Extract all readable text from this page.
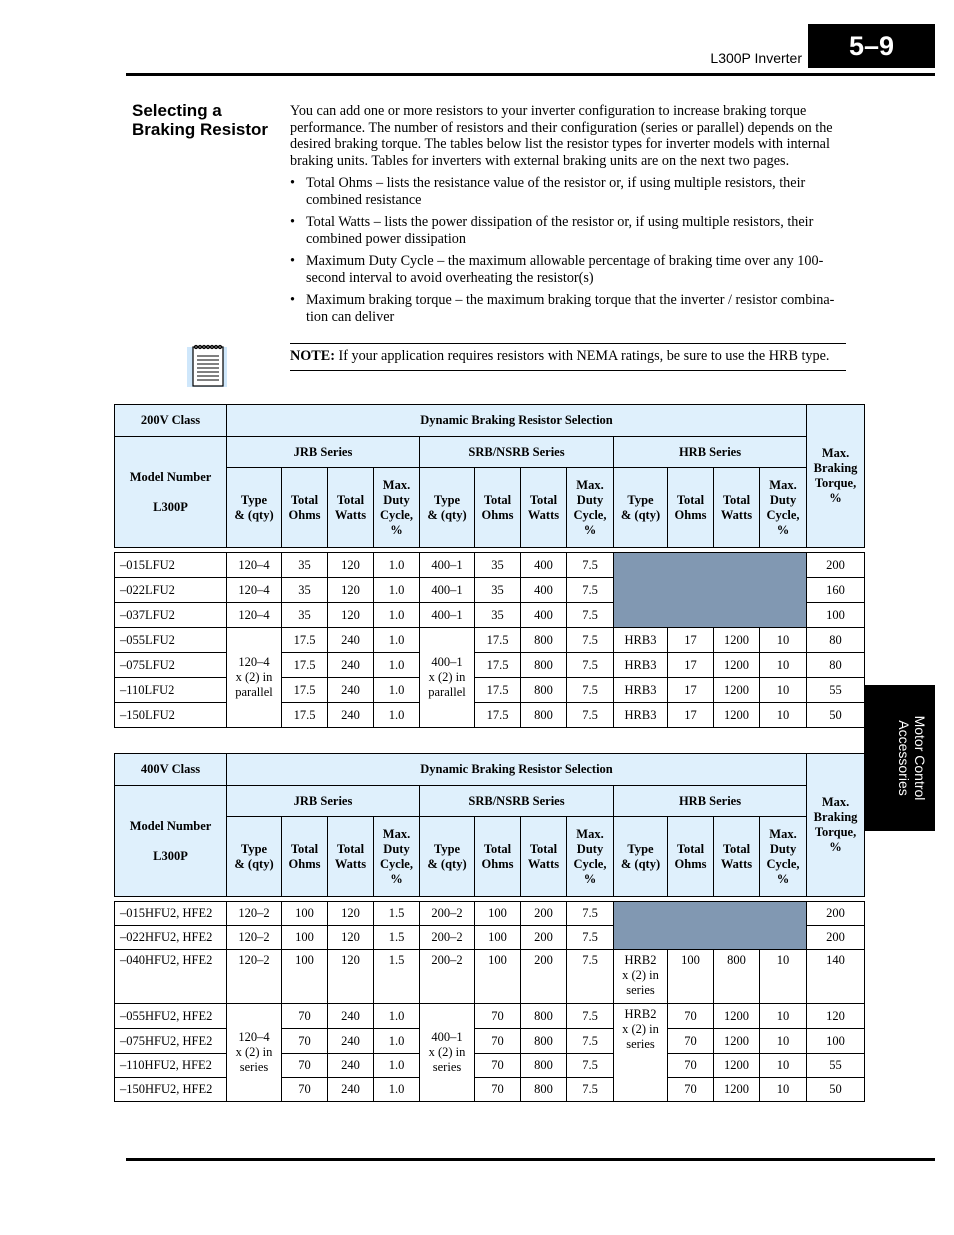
L300P Inverter	5–9
Motor Control
Accessories
Selecting a
Braking Resistor

You can add one or more resistors to your inverter configuration to increase braking torque performance. The number of resistors and their configuration (series or parallel) depends on the desired braking torque. The tables below list the resistor types for inverter models with internal braking units. Tables for inverters with external braking units are on the next two pages.

• Total Ohms – lists the resistance value of the resistor or, if using multiple resistors, their combined resistance
• Total Watts – lists the power dissipation of the resistor or, if using multiple resistors, their combined power dissipation
• Maximum Duty Cycle – the maximum allowable percentage of braking time over any 100-second interval to avoid overheating the resistor(s)
• Maximum braking torque – the maximum braking torque that the inverter / resistor combina-tion can deliver
NOTE: If your application requires resistors with NEMA ratings, be sure to use the HRB type.
200V Class	Dynamic Braking Resistor Selection												Max.
Braking
Torque,
%
Model Number

L300P	JRB Series				SRB/NSRB Series				HRB Series				
	Type
& (qty)	Total
Ohms	Total
Watts	Max.
Duty
Cycle,
%	Type
& (qty)	Total
Ohms	Total
Watts	Max.
Duty
Cycle,
%	Type
& (qty)	Total
Ohms	Total
Watts	Max.
Duty
Cycle,
%	

–015LFU2	120–4	35	120	1.0	400–1	35	400	7.5					200
–022LFU2	120–4	35	120	1.0	400–1	35	400	7.5					160
–037LFU2	120–4	35	120	1.0	400–1	35	400	7.5					100
–055LFU2	120–4
x (2) in
parallel	17.5	240	1.0	400–1
x (2) in
parallel	17.5	800	7.5	HRB3	17	1200	10	80
–075LFU2		17.5	240	1.0		17.5	800	7.5	HRB3	17	1200	10	80
–110LFU2		17.5	240	1.0		17.5	800	7.5	HRB3	17	1200	10	55
–150LFU2		17.5	240	1.0		17.5	800	7.5	HRB3	17	1200	10	50
400V Class	Dynamic Braking Resistor Selection												Max.
Braking
Torque,
%
Model Number

L300P	JRB Series				SRB/NSRB Series				HRB Series				
	Type
& (qty)	Total
Ohms	Total
Watts	Max.
Duty
Cycle,
%	Type
& (qty)	Total
Ohms	Total
Watts	Max.
Duty
Cycle,
%	Type
& (qty)	Total
Ohms	Total
Watts	Max.
Duty
Cycle,
%	

–015HFU2, HFE2	120–2	100	120	1.5	200–2	100	200	7.5					200
–022HFU2, HFE2	120–2	100	120	1.5	200–2	100	200	7.5					200
–040HFU2, HFE2	120–2	100	120	1.5	200–2	100	200	7.5	HRB2
x (2) in
series	100	800	10	140
–055HFU2, HFE2	120–4
x (2) in
series	70	240	1.0	400–1
x (2) in
series	70	800	7.5	HRB2
x (2) in
series	70	1200	10	120
–075HFU2, HFE2		70	240	1.0		70	800	7.5		70	1200	10	100
–110HFU2, HFE2		70	240	1.0		70	800	7.5		70	1200	10	55
–150HFU2, HFE2		70	240	1.0		70	800	7.5		70	1200	10	50
